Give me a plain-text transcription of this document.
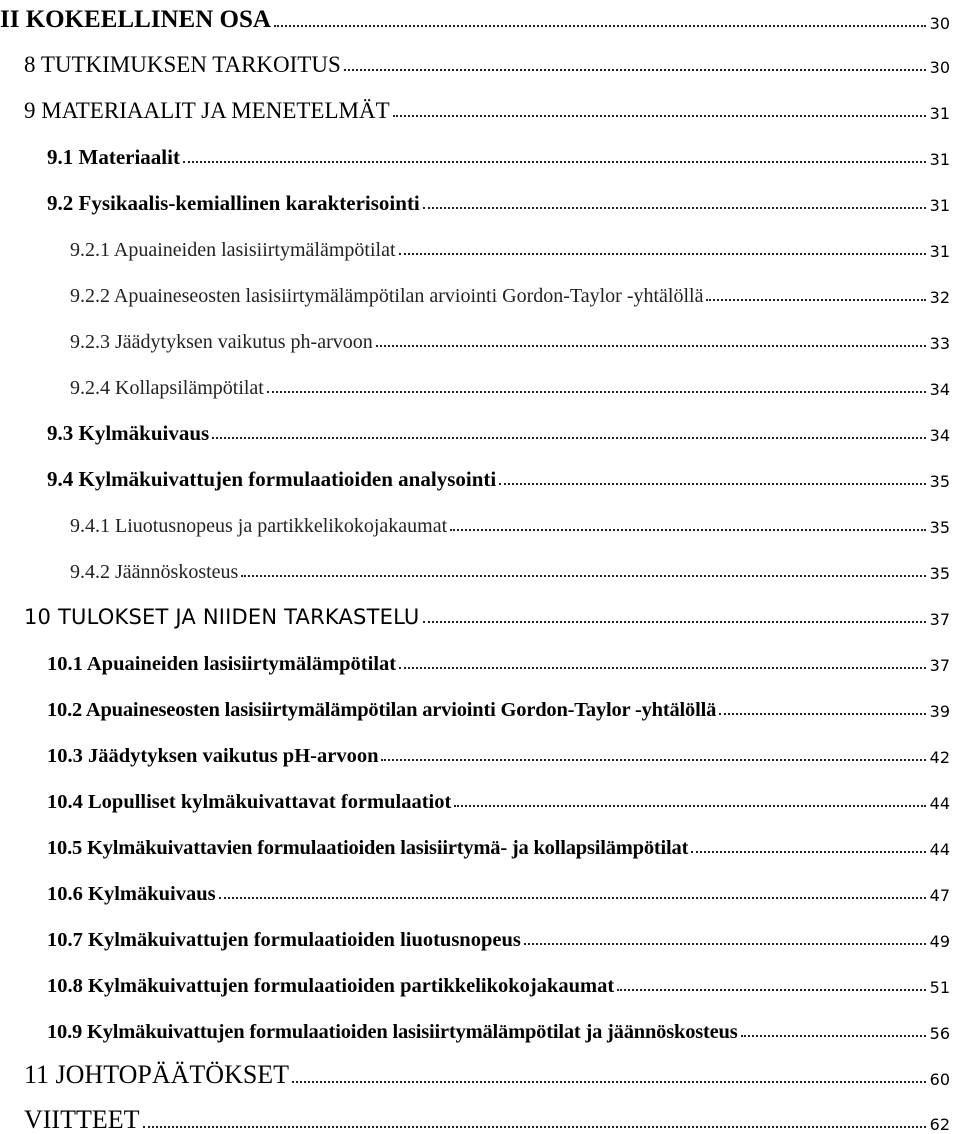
II KOKEELLINEN OSA	30
8 TUTKIMUKSEN TARKOITUS	30
9 MATERIAALIT JA MENETELMÄT	31
9.1 Materiaalit	31
9.2 Fysikaalis-kemiallinen karakterisointi	31
9.2.1 Apuaineiden lasisiirtymälämpötilat	31
9.2.2 Apuaineseosten lasisiirtymälämpötilan arviointi Gordon-Taylor -yhtälöllä	32
9.2.3 Jäädytyksen vaikutus ph-arvoon	33
9.2.4 Kollapsilämpötilat	34
9.3 Kylmäkuivaus	34
9.4 Kylmäkuivattujen formulaatioiden analysointi	35
9.4.1 Liuotusnopeus ja partikkelikokojakaumat	35
9.4.2 Jäännöskosteus	35
10 TULOKSET JA NIIDEN TARKASTELU	37
10.1 Apuaineiden lasisiirtymälämpötilat	37
10.2 Apuaineseosten lasisiirtymälämpötilan arviointi Gordon-Taylor -yhtälöllä	39
10.3 Jäädytyksen vaikutus pH-arvoon	42
10.4 Lopulliset kylmäkuivattavat formulaatiot	44
10.5 Kylmäkuivattavien formulaatioiden lasisiirtymä- ja kollapsilämpötilat	44
10.6 Kylmäkuivaus	47
10.7 Kylmäkuivattujen formulaatioiden liuotusnopeus	49
10.8 Kylmäkuivattujen formulaatioiden partikkelikokojakaumat	51
10.9 Kylmäkuivattujen formulaatioiden lasisiirtymälämpötilat ja jäännöskosteus	56
11 JOHTOPÄÄTÖKSET	60
VIITTEET	62
